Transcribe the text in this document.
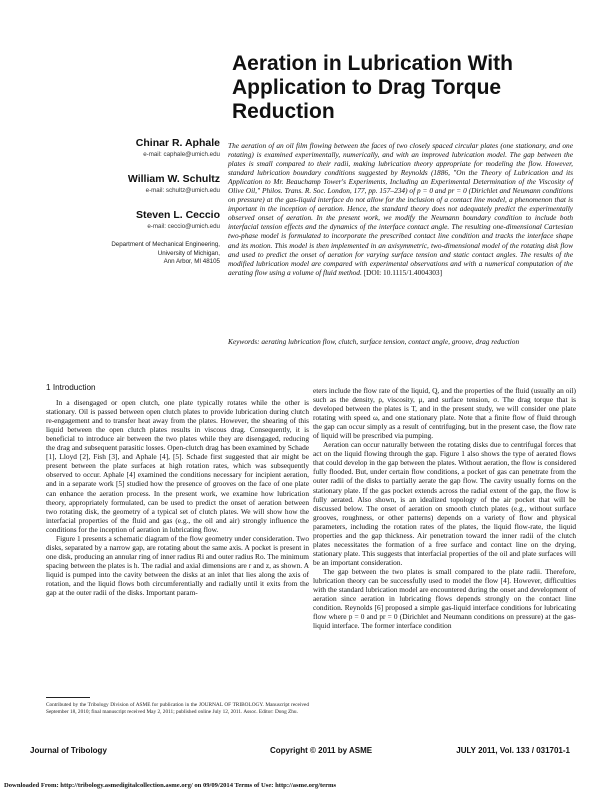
Aeration in Lubrication With Application to Drag Torque Reduction
Chinar R. Aphale
e-mail: caphale@umich.edu
William W. Schultz
e-mail: schultz@umich.edu
Steven L. Ceccio
e-mail: ceccio@umich.edu
Department of Mechanical Engineering,
University of Michigan,
Ann Arbor, MI 48105

The aeration of an oil film flowing between the faces of two closely spaced circular plates (one stationary, and one rotating) is examined experimentally, numerically, and with an improved lubrication model. The gap between the plates is small compared to their radii, making lubrication theory appropriate for modeling the flow. However, standard lubrication boundary conditions suggested by Reynolds (1886, "On the Theory of Lubrication and its Application to Mr. Beauchamp Tower's Experiments, Including an Experimental Determination of the Viscosity of Olive Oil," Philos. Trans. R. Soc. London, 177, pp. 157–234) of p = 0 and pr = 0 (Dirichlet and Neumann conditions on pressure) at the gas-liquid interface do not allow for the inclusion of a contact line model, a phenomenon that is important in the inception of aeration. Hence, the standard theory does not adequately predict the experimentally observed onset of aeration. In the present work, we modify the Neumann boundary condition to include both interfacial tension effects and the dynamics of the interface contact angle. The resulting one-dimensional Cartesian two-phase model is formulated to incorporate the prescribed contact line condition and tracks the interface shape and its motion. This model is then implemented in an axisymmetric, two-dimensional model of the rotating disk flow and used to predict the onset of aeration for varying surface tension and static contact angles. The results of the modified lubrication model are compared with experimental observations and with a numerical computation of the aerating flow using a volume of fluid method. [DOI: 10.1115/1.4004303]

Keywords: aerating lubrication flow, clutch, surface tension, contact angle, groove, drag reduction

1 Introduction

In a disengaged or open clutch, one plate typically rotates while the other is stationary. Oil is passed between open clutch plates to provide lubrication during clutch re-engagement and to transfer heat away from the plates. However, the shearing of this liquid between the open clutch plates results in viscous drag. Consequently, it is beneficial to introduce air between the two plates while they are disengaged, reducing the drag and subsequent parasitic losses. Open-clutch drag has been examined by Schade [1], Lloyd [2], Fish [3], and Aphale [4], [5]. Schade first suggested that air might be present between the plate surfaces at high rotation rates, which was subsequently observed to occur. Aphale [4] examined the conditions necessary for incipient aeration, and in a separate work [5] studied how the presence of grooves on the face of one plate can enhance the aeration process. In the present work, we examine how lubrication theory, appropriately formulated, can be used to predict the onset of aeration between two rotating disk, the geometry of a typical set of clutch plates. We will show how the interfacial properties of the fluid and gas (e.g., the oil and air) strongly influence the conditions for the inception of aeration in lubricating flow.

Figure 1 presents a schematic diagram of the flow geometry under consideration. Two disks, separated by a narrow gap, are rotating about the same axis. A pocket is present in one disk, producing an annular ring of inner radius Ri and outer radius Ro. The minimum spacing between the plates is h. The radial and axial dimensions are r and z, as shown. A liquid is pumped into the cavity between the disks at an inlet that lies along the axis of rotation, and the liquid flows both circumferentially and radially until it exits from the gap at the outer radii of the disks. Important param-

eters include the flow rate of the liquid, Q, and the properties of the fluid (usually an oil) such as the density, ρ, viscosity, μ, and surface tension, σ. The drag torque that is developed between the plates is T, and in the present study, we will consider one plate rotating with speed ω, and one stationary plate. Note that a finite flow of fluid through the gap can occur simply as a result of centrifuging, but in the present case, the flow rate of liquid will be prescribed via pumping.

Aeration can occur naturally between the rotating disks due to centrifugal forces that act on the liquid flowing through the gap. Figure 1 also shows the type of aerated flows that could develop in the gap between the plates. Without aeration, the flow is considered fully flooded. But, under certain flow conditions, a pocket of gas can penetrate from the outer radii of the disks to partially aerate the gap flow. The cavity usually forms on the stationary plate. If the gas pocket extends across the radial extent of the gap, the flow is fully aerated. Also shown, is an idealized topology of the air pocket that will be discussed below. The onset of aeration on smooth clutch plates (e.g., without surface grooves, roughness, or other patterns) depends on a variety of flow and physical parameters, including the rotation rates of the plates, the liquid flow-rate, the liquid properties and the gap thickness. Air penetration toward the inner radii of the clutch plates necessitates the formation of a free surface and contact line on the drying, stationary plate. This suggests that interfacial properties of the oil and plate surfaces will be an important consideration.

The gap between the two plates is small compared to the plate radii. Therefore, lubrication theory can be successfully used to model the flow [4]. However, difficulties with the standard lubrication model are encountered during the onset and development of aeration since aeration in lubricating flows depends strongly on the contact line condition. Reynolds [6] proposed a simple gas-liquid interface conditions for lubricating flow where p = 0 and pr = 0 (Dirichlet and Neumann conditions on pressure) at the gas-liquid interface. The former interface condition

Contributed by the Tribology Division of ASME for publication in the JOURNAL OF TRIBOLOGY. Manuscript received September 18, 2010; final manuscript received May 2, 2011; published online July 12, 2011. Assoc. Editor: Dong Zhu.
Journal of Tribology	Copyright © 2011 by ASME	JULY 2011, Vol. 133 / 031701-1
Downloaded From: http://tribology.asmedigitalcollection.asme.org/ on 09/09/2014 Terms of Use: http://asme.org/terms
